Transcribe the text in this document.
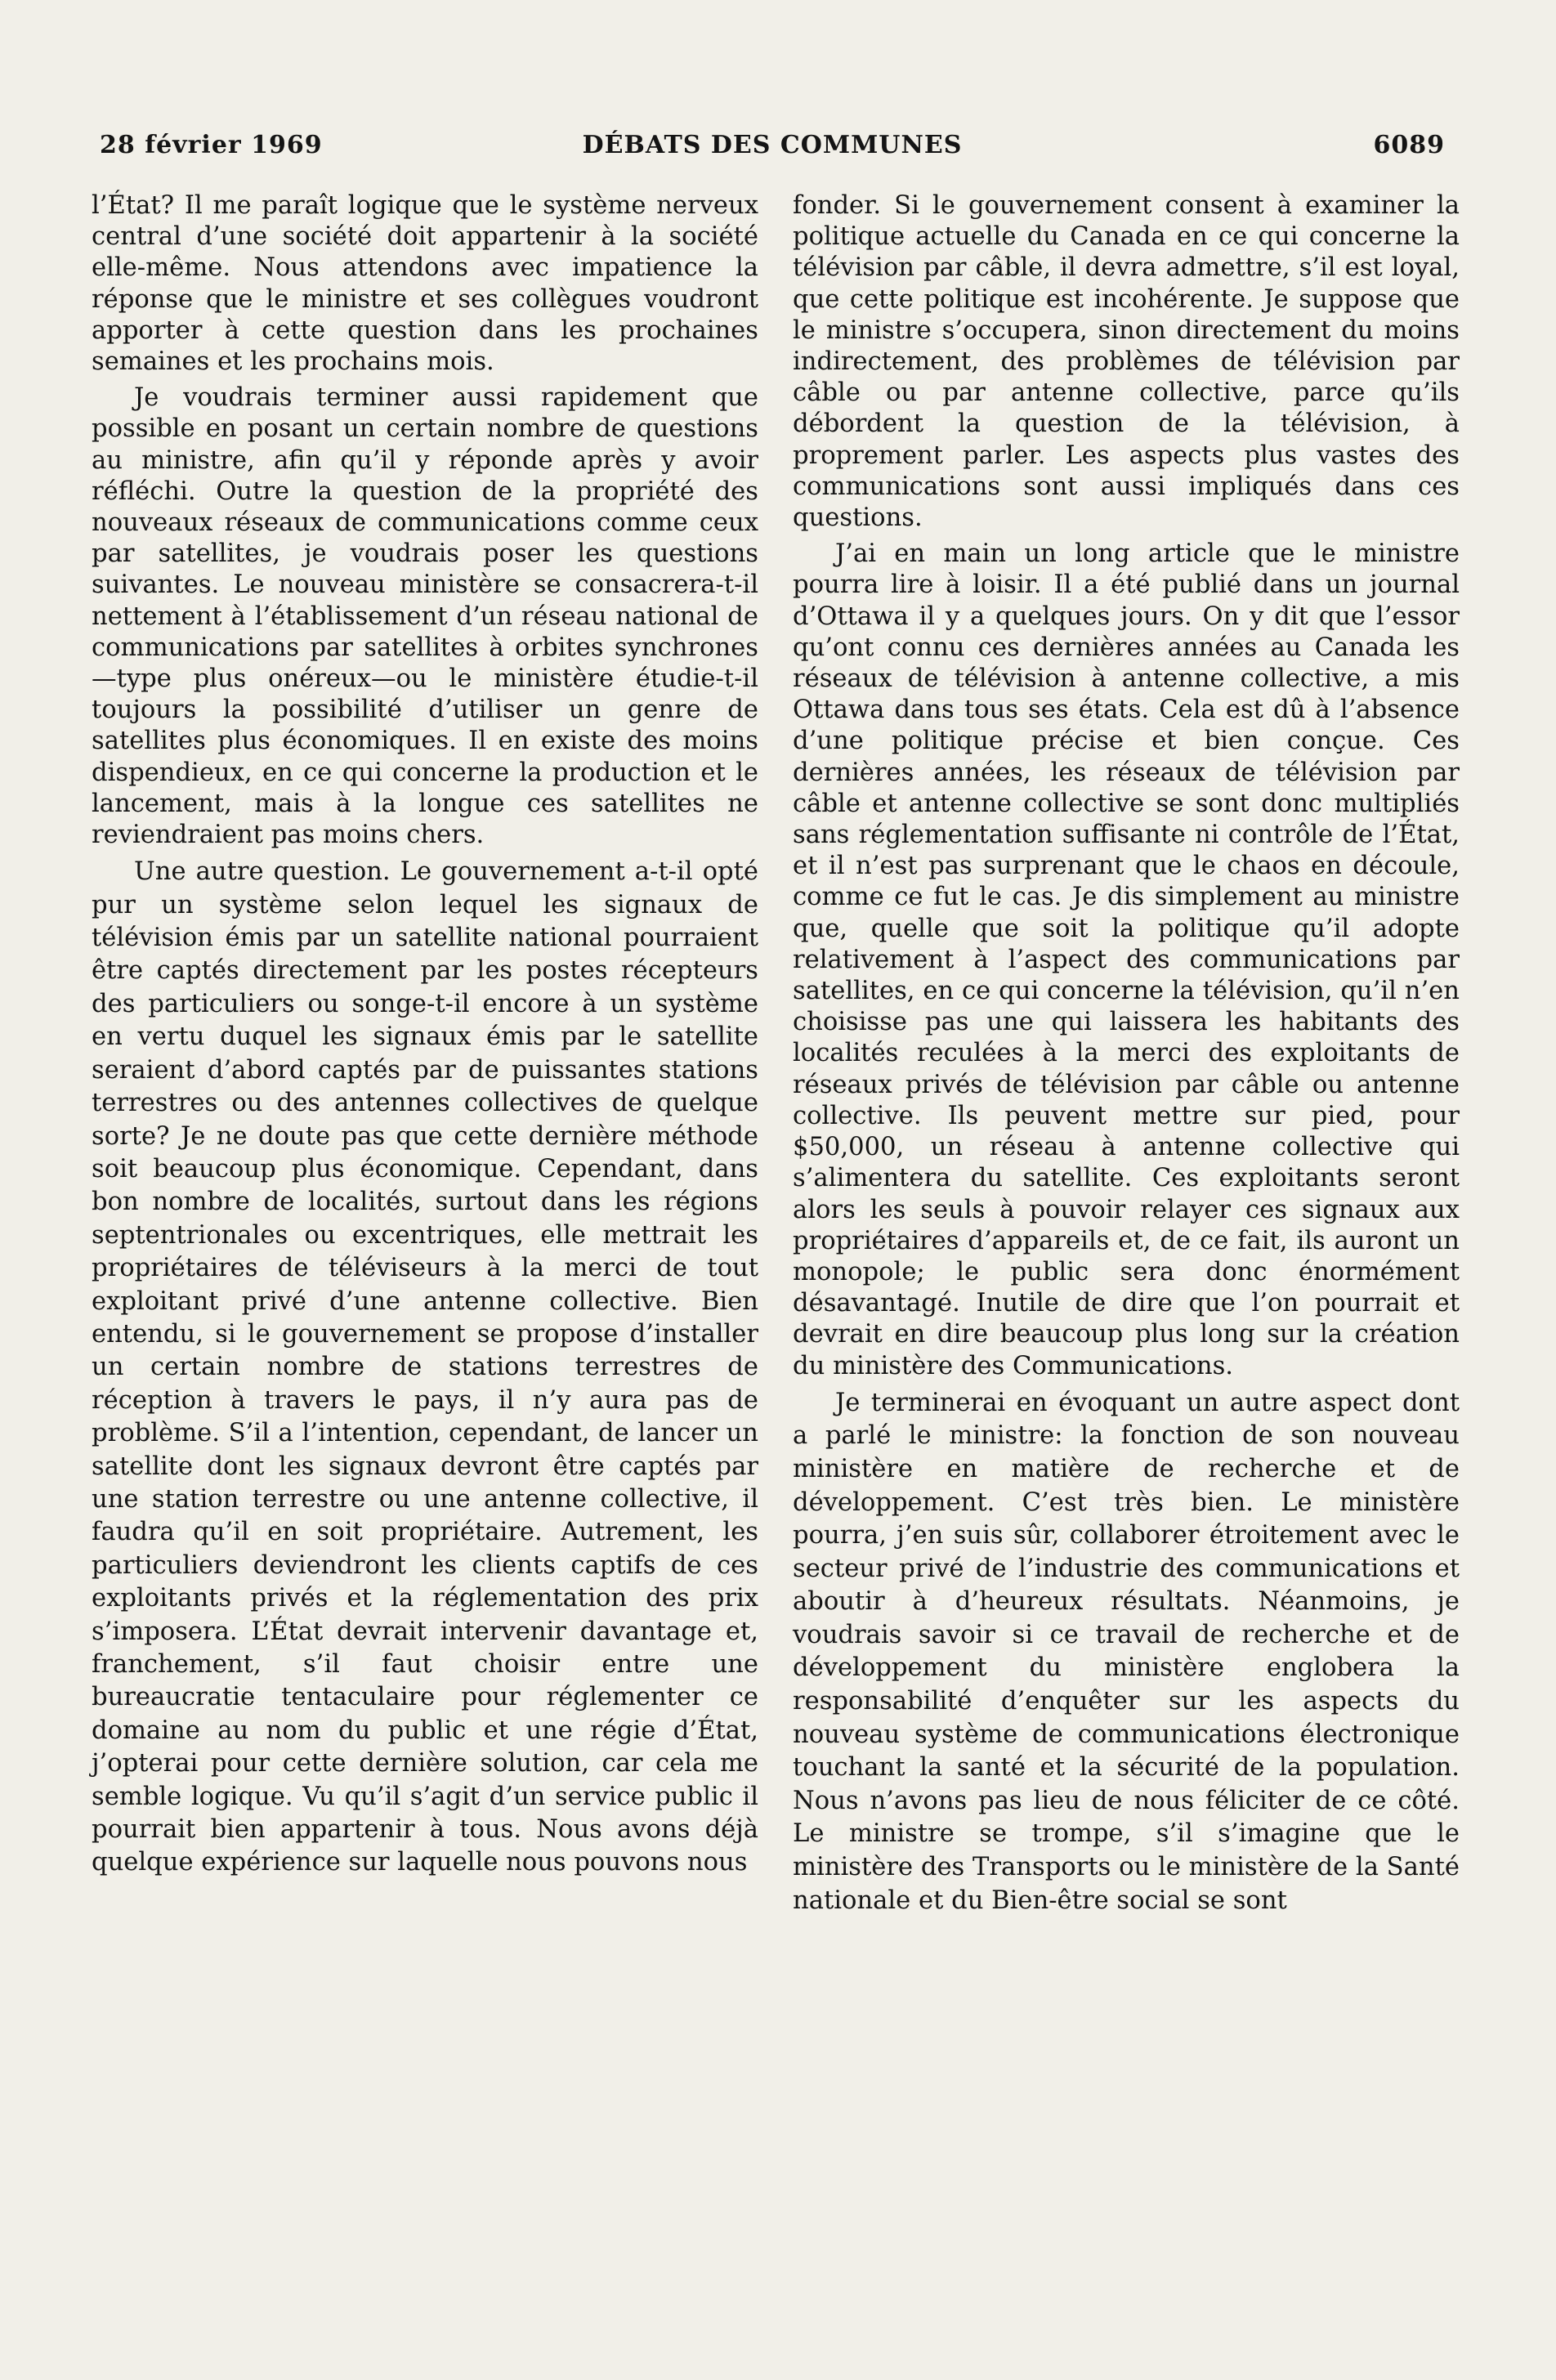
28 février 1969	DÉBATS DES COMMUNES	6089

l’État? Il me paraît logique que le système nerveux central d’une société doit appartenir à la société elle-même. Nous attendons avec impatience la réponse que le ministre et ses collègues voudront apporter à cette question dans les prochaines semaines et les prochains mois.

Je voudrais terminer aussi rapidement que possible en posant un certain nombre de questions au ministre, afin qu’il y réponde après y avoir réfléchi. Outre la question de la propriété des nouveaux réseaux de communications comme ceux par satellites, je voudrais poser les questions suivantes. Le nouveau ministère se consacrera-t-il nettement à l’établissement d’un réseau national de communications par satellites à orbites synchrones—type plus onéreux—ou le ministère étudie-t-il toujours la possibilité d’utiliser un genre de satellites plus économiques. Il en existe des moins dispendieux, en ce qui concerne la production et le lancement, mais à la longue ces satellites ne reviendraient pas moins chers.

Une autre question. Le gouvernement a-t-il opté pur un système selon lequel les signaux de télévision émis par un satellite national pourraient être captés directement par les postes récepteurs des particuliers ou songe-t-il encore à un système en vertu duquel les signaux émis par le satellite seraient d’abord captés par de puissantes stations terrestres ou des antennes collectives de quelque sorte? Je ne doute pas que cette dernière méthode soit beaucoup plus économique. Cependant, dans bon nombre de localités, surtout dans les régions septentrionales ou excentriques, elle mettrait les propriétaires de téléviseurs à la merci de tout exploitant privé d’une antenne collective. Bien entendu, si le gouvernement se propose d’installer un certain nombre de stations terrestres de réception à travers le pays, il n’y aura pas de problème. S’il a l’intention, cependant, de lancer un satellite dont les signaux devront être captés par une station terrestre ou une antenne collective, il faudra qu’il en soit propriétaire. Autrement, les particuliers deviendront les clients captifs de ces exploitants privés et la réglementation des prix s’imposera. L’État devrait intervenir davantage et, franchement, s’il faut choisir entre une bureaucratie tentaculaire pour réglementer ce domaine au nom du public et une régie d’État, j’opterai pour cette dernière solution, car cela me semble logique. Vu qu’il s’agit d’un service public il pourrait bien appartenir à tous. Nous avons déjà quelque expérience sur laquelle nous pouvons nous

fonder. Si le gouvernement consent à examiner la politique actuelle du Canada en ce qui concerne la télévision par câble, il devra admettre, s’il est loyal, que cette politique est incohérente. Je suppose que le ministre s’occupera, sinon directement du moins indirectement, des problèmes de télévision par câble ou par antenne collective, parce qu’ils débordent la question de la télévision, à proprement parler. Les aspects plus vastes des communications sont aussi impliqués dans ces questions.

J’ai en main un long article que le ministre pourra lire à loisir. Il a été publié dans un journal d’Ottawa il y a quelques jours. On y dit que l’essor qu’ont connu ces dernières années au Canada les réseaux de télévision à antenne collective, a mis Ottawa dans tous ses états. Cela est dû à l’absence d’une politique précise et bien conçue. Ces dernières années, les réseaux de télévision par câble et antenne collective se sont donc multipliés sans réglementation suffisante ni contrôle de l’État, et il n’est pas surprenant que le chaos en découle, comme ce fut le cas. Je dis simplement au ministre que, quelle que soit la politique qu’il adopte relativement à l’aspect des communications par satellites, en ce qui concerne la télévision, qu’il n’en choisisse pas une qui laissera les habitants des localités reculées à la merci des exploitants de réseaux privés de télévision par câble ou antenne collective. Ils peuvent mettre sur pied, pour $50,000, un réseau à antenne collective qui s’alimentera du satellite. Ces exploitants seront alors les seuls à pouvoir relayer ces signaux aux propriétaires d’appareils et, de ce fait, ils auront un monopole; le public sera donc énormément désavantagé. Inutile de dire que l’on pourrait et devrait en dire beaucoup plus long sur la création du ministère des Communications.

Je terminerai en évoquant un autre aspect dont a parlé le ministre: la fonction de son nouveau ministère en matière de recherche et de développement. C’est très bien. Le ministère pourra, j’en suis sûr, collaborer étroitement avec le secteur privé de l’industrie des communications et aboutir à d’heureux résultats. Néanmoins, je voudrais savoir si ce travail de recherche et de développement du ministère englobera la responsabilité d’enquêter sur les aspects du nouveau système de communications électronique touchant la santé et la sécurité de la population. Nous n’avons pas lieu de nous féliciter de ce côté. Le ministre se trompe, s’il s’imagine que le ministère des Transports ou le ministère de la Santé nationale et du Bien-être social se sont
